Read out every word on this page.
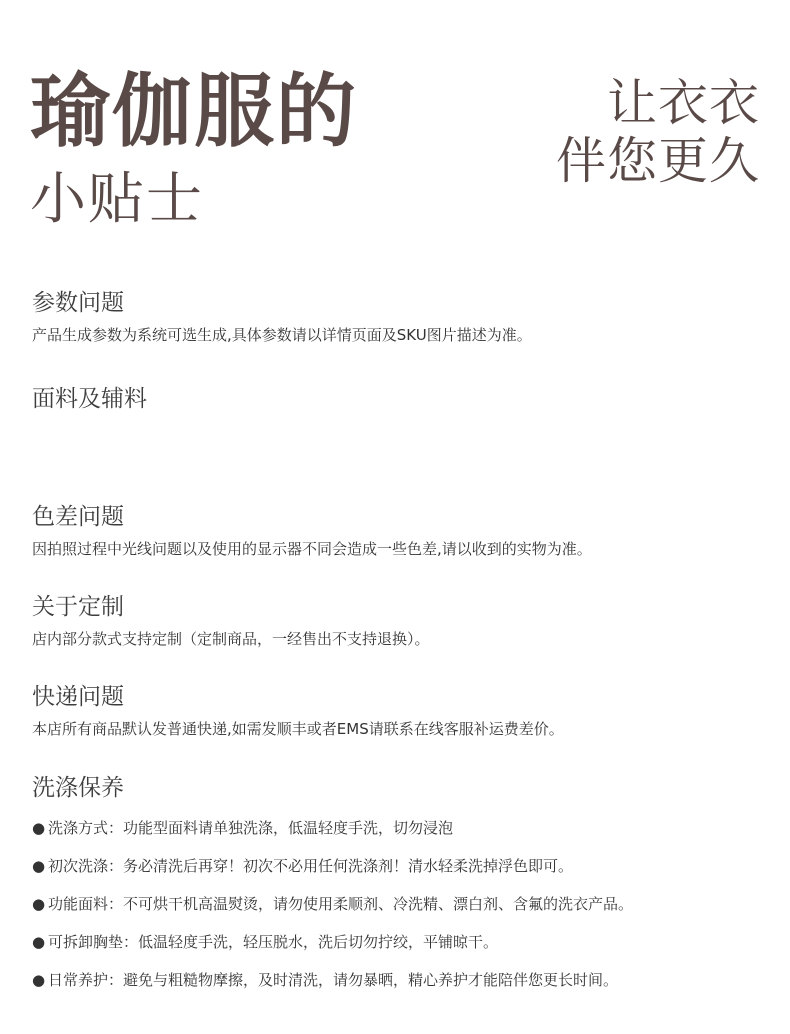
瑜伽服的
小贴士
让衣衣
伴您更久
参数问题

产品生成参数为系统可选生成,具体参数请以详情页面及SKU图片描述为准。

面料及辅料
色差问题

因拍照过程中光线问题以及使用的显示器不同会造成一些色差,请以收到的实物为准。

关于定制

店内部分款式支持定制（定制商品，一经售出不支持退换）。

快递问题

本店所有商品默认发普通快递,如需发顺丰或者EMS请联系在线客服补运费差价。

洗涤保养
● 洗涤方式：功能型面料请单独洗涤，低温轻度手洗，切勿浸泡
● 初次洗涤：务必清洗后再穿！初次不必用任何洗涤剂！清水轻柔洗掉浮色即可。
● 功能面料：不可烘干机高温熨烫，请勿使用柔顺剂、冷洗精、漂白剂、含氟的洗衣产品。
● 可拆卸胸垫：低温轻度手洗，轻压脱水，洗后切勿拧绞，平铺晾干。
● 日常养护：避免与粗糙物摩擦，及时清洗，请勿暴晒，精心养护才能陪伴您更长时间。
